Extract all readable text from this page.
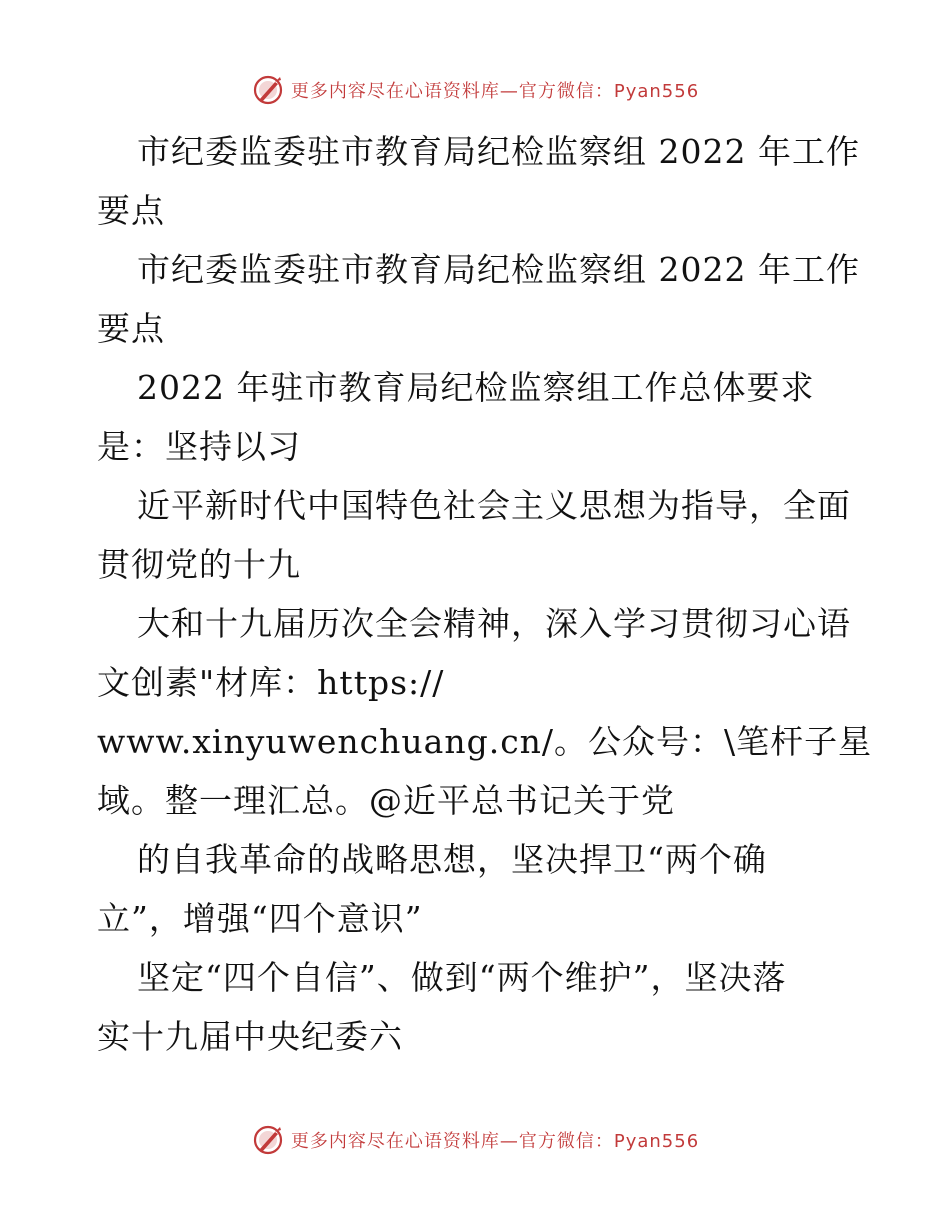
更多内容尽在心语资料库—官方微信：Pyan556
市纪委监委驻市教育局纪检监察组 2022 年工作
要点
市纪委监委驻市教育局纪检监察组 2022 年工作
要点
2022 年驻市教育局纪检监察组工作总体要求
是：坚持以习
近平新时代中国特色社会主义思想为指导，全面
贯彻党的十九
大和十九届历次全会精神，深入学习贯彻习心语
文创素"材库：https://
www.xinyuwenchuang.cn/。公众号：\笔杆子星
域。整一理汇总。@近平总书记关于党
的自我革命的战略思想，坚决捍卫“两个确
立”，增强“四个意识”
坚定“四个自信”、做到“两个维护”，坚决落
实十九届中央纪委六
更多内容尽在心语资料库—官方微信：Pyan556
